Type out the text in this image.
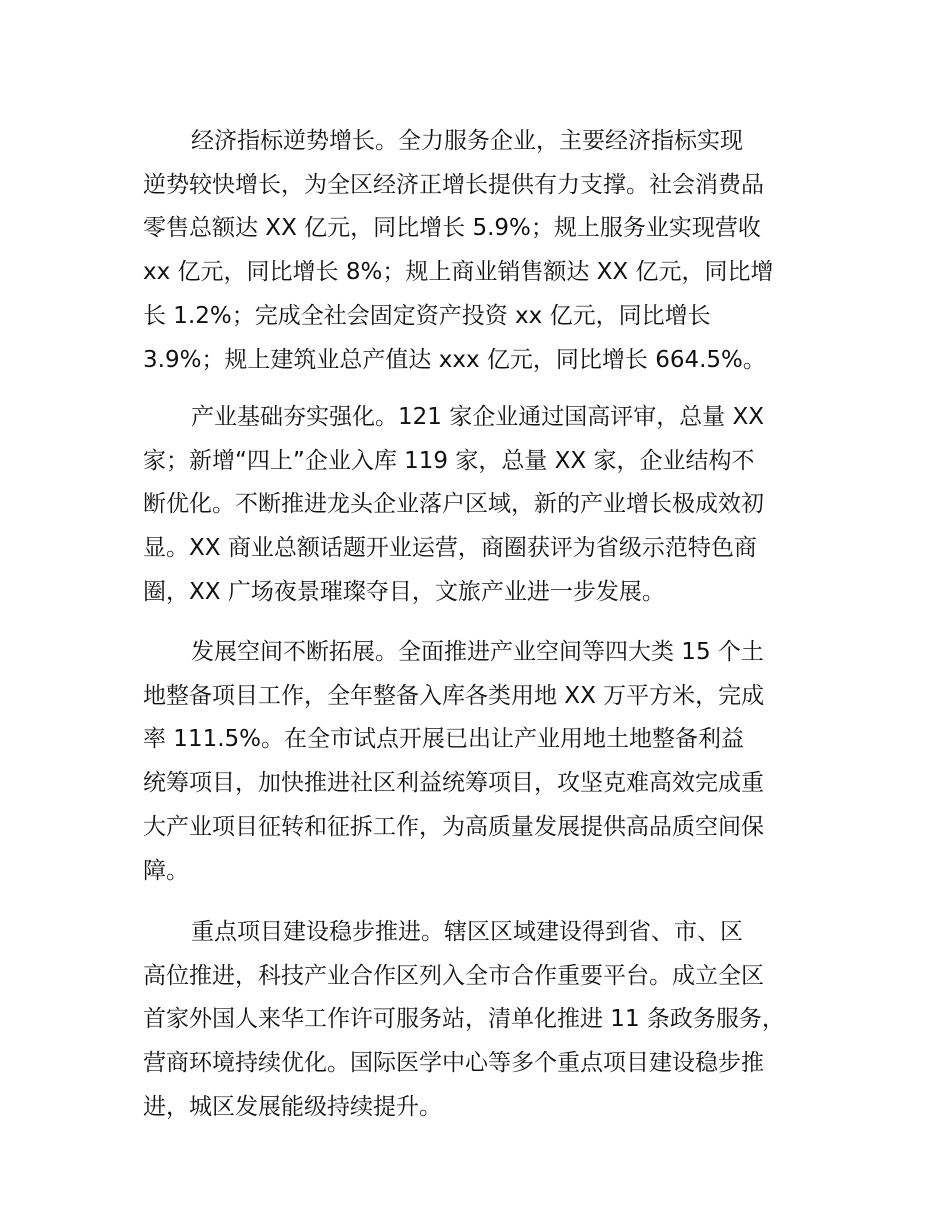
经济指标逆势增长。全力服务企业，主要经济指标实现
逆势较快增长，为全区经济正增长提供有力支撑。社会消费品
零售总额达 XX 亿元，同比增长 5.9%；规上服务业实现营收
xx 亿元，同比增长 8%；规上商业销售额达 XX 亿元，同比增
长 1.2%；完成全社会固定资产投资 xx 亿元，同比增长
3.9%；规上建筑业总产值达 xxx 亿元，同比增长 664.5%。
产业基础夯实强化。121 家企业通过国高评审，总量 XX
家；新增“四上”企业入库 119 家，总量 XX 家，企业结构不
断优化。不断推进龙头企业落户区域，新的产业增长极成效初
显。XX 商业总额话题开业运营，商圈获评为省级示范特色商
圈，XX 广场夜景璀璨夺目，文旅产业进一步发展。
发展空间不断拓展。全面推进产业空间等四大类 15 个土
地整备项目工作，全年整备入库各类用地 XX 万平方米，完成
率 111.5%。在全市试点开展已出让产业用地土地整备利益
统筹项目，加快推进社区利益统筹项目，攻坚克难高效完成重
大产业项目征转和征拆工作，为高质量发展提供高品质空间保
障。
重点项目建设稳步推进。辖区区域建设得到省、市、区
高位推进，科技产业合作区列入全市合作重要平台。成立全区
首家外国人来华工作许可服务站，清单化推进 11 条政务服务，
营商环境持续优化。国际医学中心等多个重点项目建设稳步推
进，城区发展能级持续提升。
